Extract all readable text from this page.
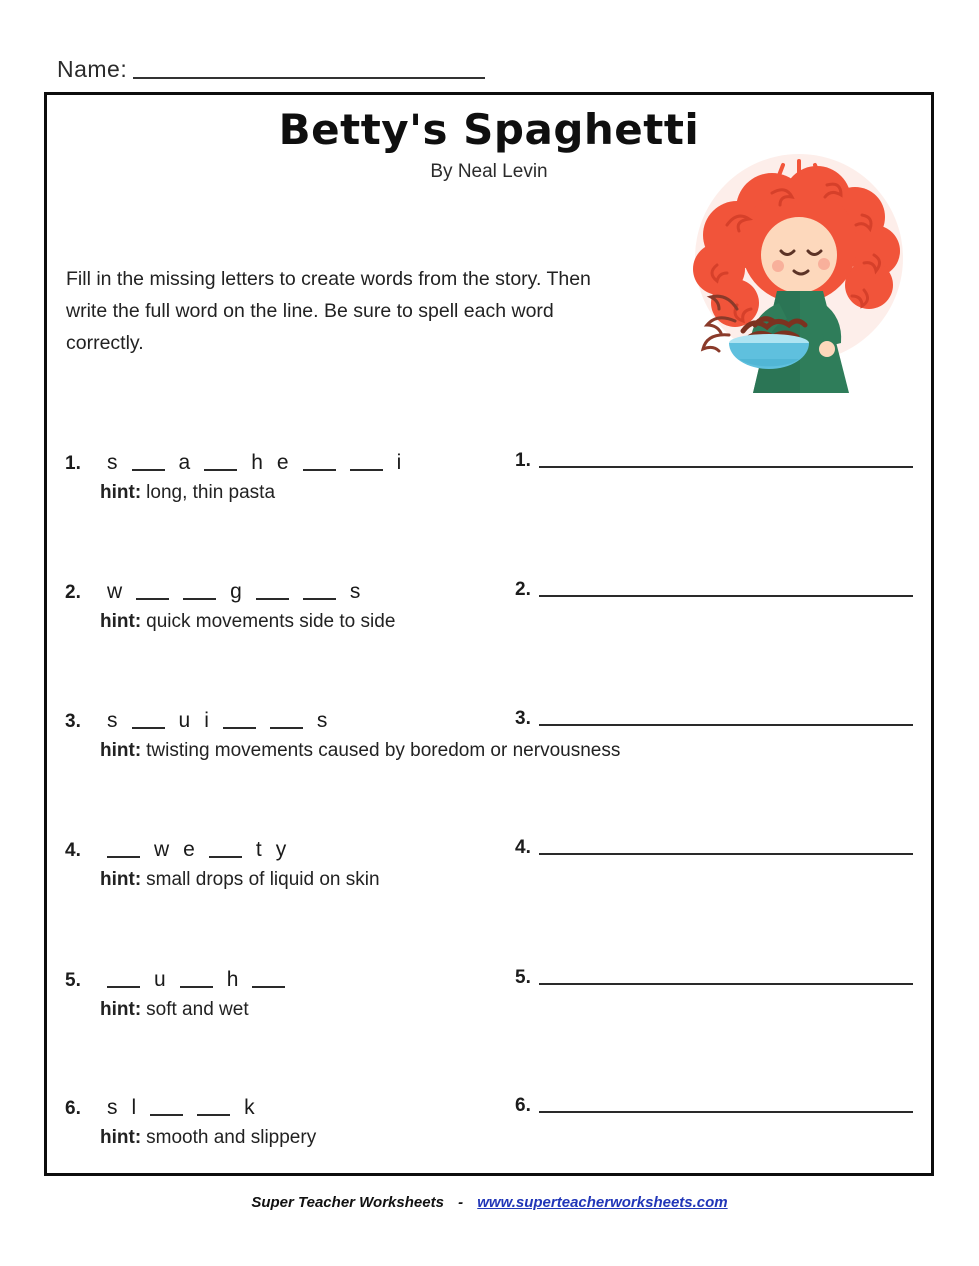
Name:
Betty's Spaghetti
By Neal Levin
Fill in the missing letters to create words from the story. Then write the full word on the line. Be sure to spell each word correctly.
1.	s	a	h e	i
hint: long, thin pasta
1.
2.	w	g	s
hint: quick movements side to side
2.
3.	s	u i	s
hint: twisting movements caused by boredom or nervousness
3.
4.	w e	t y
hint: small drops of liquid on skin
4.
5.	u	h
hint: soft and wet
5.
6.	s l	k
hint: smooth and slippery
6.
Super Teacher Worksheets - www.superteacherworksheets.com
